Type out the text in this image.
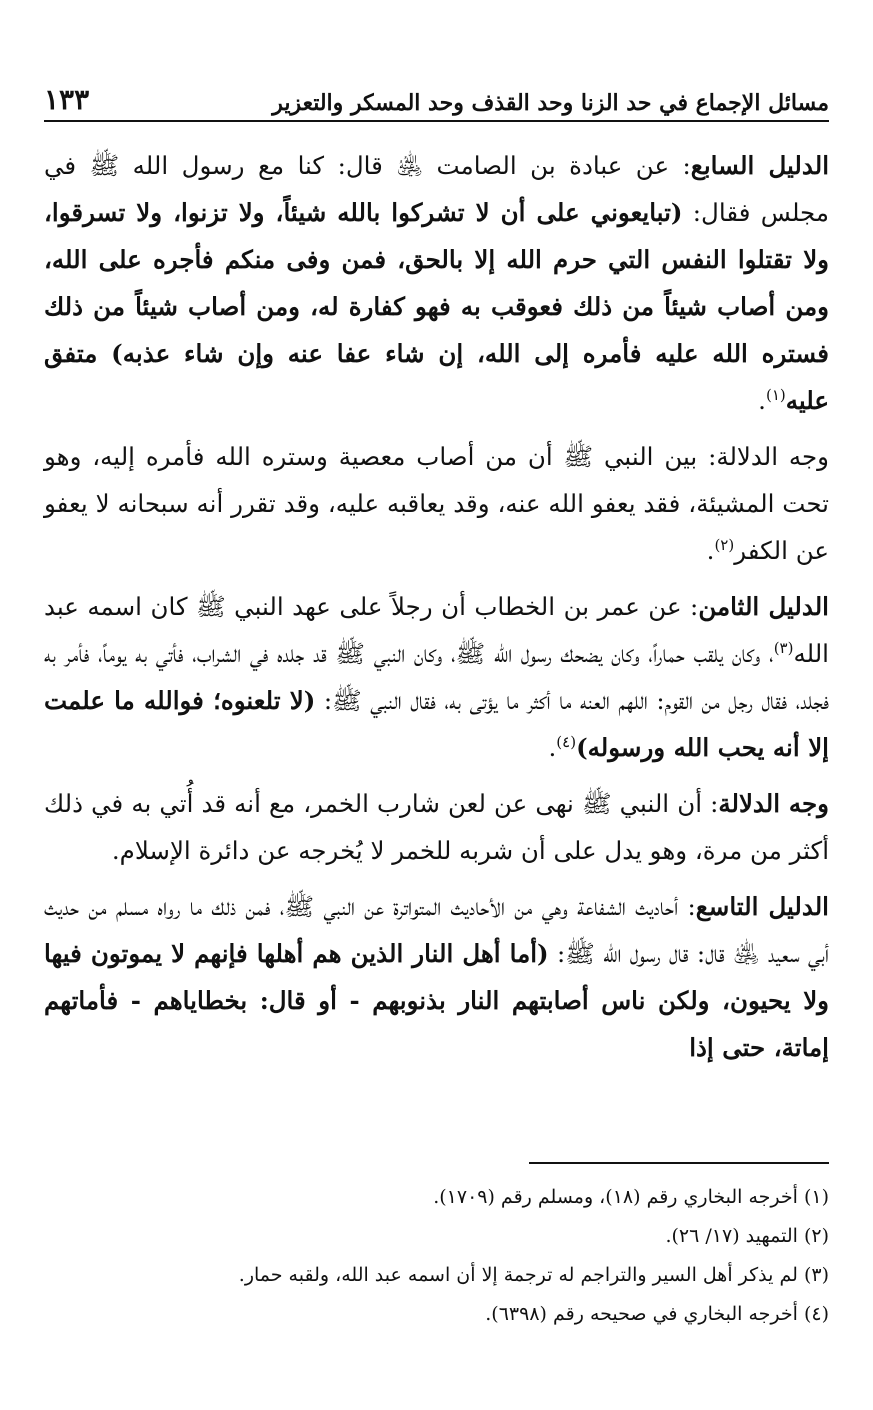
مسائل الإجماع في حد الزنا وحد القذف وحد المسكر والتعزير
١٣٣

الدليل السابع: عن عبادة بن الصامت ﵁ قال: كنا مع رسول الله ﷺ في مجلس فقال: (تبايعوني على أن لا تشركوا بالله شيئاً، ولا تزنوا، ولا تسرقوا، ولا تقتلوا النفس التي حرم الله إلا بالحق، فمن وفى منكم فأجره على الله، ومن أصاب شيئاً من ذلك فعوقب به فهو كفارة له، ومن أصاب شيئاً من ذلك فستره الله عليه فأمره إلى الله، إن شاء عفا عنه وإن شاء عذبه) متفق عليه$^{(١)}$.

وجه الدلالة: بين النبي ﷺ أن من أصاب معصية وستره الله فأمره إليه، وهو تحت المشيئة، فقد يعفو الله عنه، وقد يعاقبه عليه، وقد تقرر أنه سبحانه لا يعفو عن الكفر$^{(٢)}$.

الدليل الثامن: عن عمر بن الخطاب أن رجلاً على عهد النبي ﷺ كان اسمه عبد الله$^{(٣)}$، وكان يلقب حماراً، وكان يضحك رسول الله ﷺ، وكان النبي ﷺ قد جلده في الشراب، فأتي به يوماً، فأمر به فجلد، فقال رجل من القوم: اللهم العنه ما أكثر ما يؤتى به، فقال النبي ﷺ: (لا تلعنوه؛ فوالله ما علمت إلا أنه يحب الله ورسوله)$^{(٤)}$.

وجه الدلالة: أن النبي ﷺ نهى عن لعن شارب الخمر، مع أنه قد أُتي به في ذلك أكثر من مرة، وهو يدل على أن شربه للخمر لا يُخرجه عن دائرة الإسلام.

الدليل التاسع: أحاديث الشفاعة وهي من الأحاديث المتواترة عن النبي ﷺ، فمن ذلك ما رواه مسلم من حديث أبي سعيد ﵁ قال: قال رسول الله ﷺ: (أما أهل النار الذين هم أهلها فإنهم لا يموتون فيها ولا يحيون، ولكن ناس أصابتهم النار بذنوبهم - أو قال: بخطاياهم - فأماتهم إماتة، حتى إذا

(١) أخرجه البخاري رقم (١٨)، ومسلم رقم (١٧٠٩).

(٢) التمهيد (١٧/ ٢٦).

(٣) لم يذكر أهل السير والتراجم له ترجمة إلا أن اسمه عبد الله، ولقبه حمار.

(٤) أخرجه البخاري في صحيحه رقم (٦٣٩٨).
